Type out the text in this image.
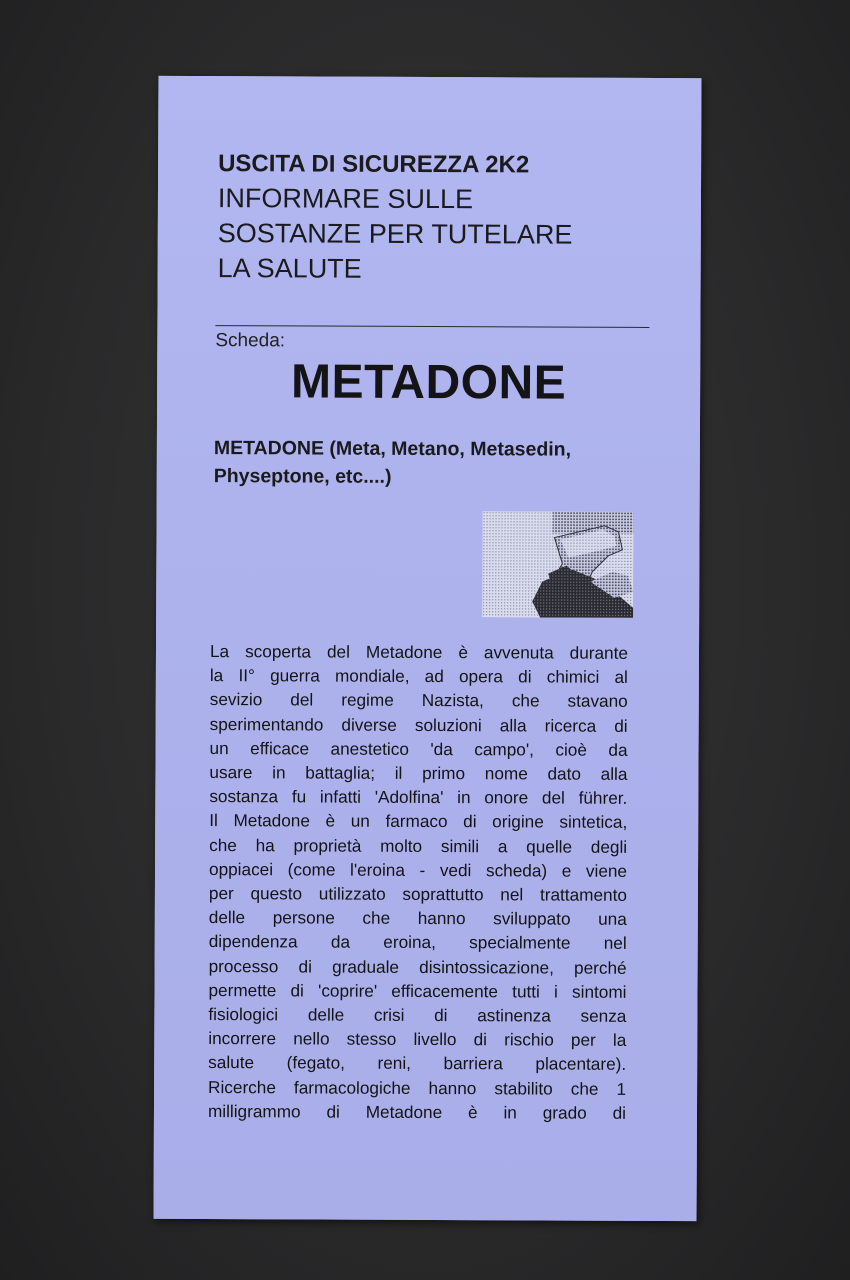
USCITA DI SICUREZZA 2K2
INFORMARE SULLE
SOSTANZE PER TUTELARE
LA SALUTE
Scheda:
METADONE
METADONE (Meta, Metano, Metasedin,
Physeptone, etc....)
La scoperta del Metadone è avvenuta durante
la II° guerra mondiale, ad opera di chimici al
sevizio del regime Nazista, che stavano
sperimentando diverse soluzioni alla ricerca di
un efficace anestetico 'da campo', cioè da
usare in battaglia; il primo nome dato alla
sostanza fu infatti 'Adolfina' in onore del führer.
Il Metadone è un farmaco di origine sintetica,
che ha proprietà molto simili a quelle degli
oppiacei (come l'eroina - vedi scheda) e viene
per questo utilizzato soprattutto nel trattamento
delle persone che hanno sviluppato una
dipendenza da eroina, specialmente nel
processo di graduale disintossicazione, perché
permette di 'coprire' efficacemente tutti i sintomi
fisiologici delle crisi di astinenza senza
incorrere nello stesso livello di rischio per la
salute (fegato, reni, barriera placentare).
Ricerche farmacologiche hanno stabilito che 1
milligrammo di Metadone è in grado di
